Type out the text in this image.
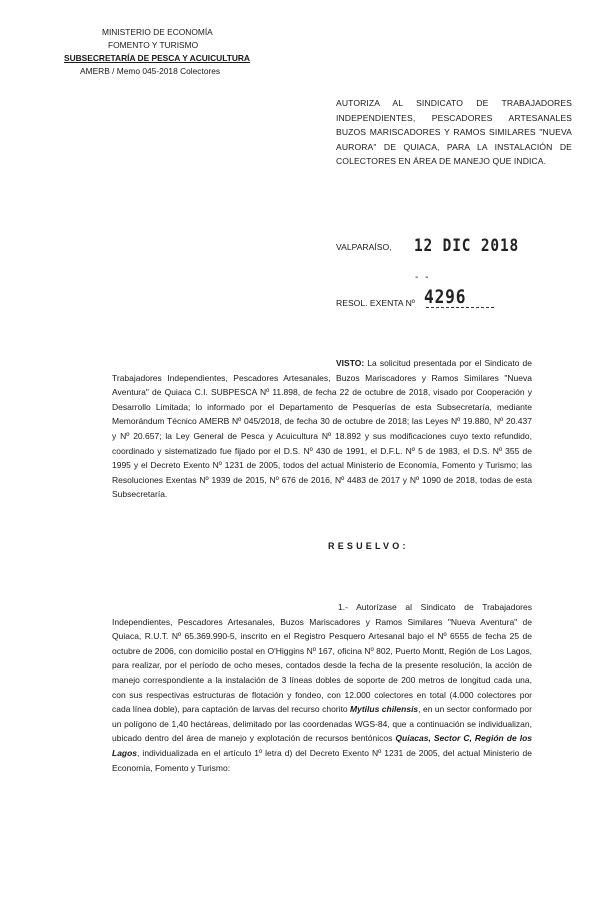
MINISTERIO DE ECONOMÍA
FOMENTO Y TURISMO
SUBSECRETARÍA DE PESCA Y ACUICULTURA
AMERB / Memo 045-2018 Colectores
AUTORIZA AL SINDICATO DE TRABAJADORES INDEPENDIENTES, PESCADORES ARTESANALES BUZOS MARISCADORES Y RAMOS SIMILARES "NUEVA AURORA" DE QUIACA, PARA LA INSTALACIÓN DE COLECTORES EN ÁREA DE MANEJO QUE INDICA.
VALPARAÍSO, 12 DIC 2018
- -
RESOL. EXENTA Nº 4296
VISTO: La solicitud presentada por el Sindicato de Trabajadores Independientes, Pescadores Artesanales, Buzos Mariscadores y Ramos Similares "Nueva Aventura" de Quiaca C.I. SUBPESCA Nº 11.898, de fecha 22 de octubre de 2018, visado por Cooperación y Desarrollo Limitada; lo informado por el Departamento de Pesquerías de esta Subsecretaría, mediante Memorándum Técnico AMERB Nº 045/2018, de fecha 30 de octubre de 2018; las Leyes Nº 19.880, Nº 20.437 y Nº 20.657; la Ley General de Pesca y Acuicultura Nº 18.892 y sus modificaciones cuyo texto refundido, coordinado y sistematizado fue fijado por el D.S. Nº 430 de 1991, el D.F.L. Nº 5 de 1983, el D.S. Nº 355 de 1995 y el Decreto Exento Nº 1231 de 2005, todos del actual Ministerio de Economía, Fomento y Turismo; las Resoluciones Exentas Nº 1939 de 2015, Nº 676 de 2016, Nº 4483 de 2017 y Nº 1090 de 2018, todas de esta Subsecretaría.
RESUELVO:
1.- Autorízase al Sindicato de Trabajadores Independientes, Pescadores Artesanales, Buzos Mariscadores y Ramos Similares "Nueva Aventura" de Quiaca, R.U.T. Nº 65.369.990-5, inscrito en el Registro Pesquero Artesanal bajo el Nº 6555 de fecha 25 de octubre de 2006, con domicilio postal en O'Higgins Nº 167, oficina Nº 802, Puerto Montt, Región de Los Lagos, para realizar, por el período de ocho meses, contados desde la fecha de la presente resolución, la acción de manejo correspondiente a la instalación de 3 líneas dobles de soporte de 200 metros de longitud cada una, con sus respectivas estructuras de flotación y fondeo, con 12.000 colectores en total (4.000 colectores por cada línea doble), para captación de larvas del recurso chorito Mytilus chilensis, en un sector conformado por un polígono de 1,40 hectáreas, delimitado por las coordenadas WGS-84, que a continuación se individualizan, ubicado dentro del área de manejo y explotación de recursos bentónicos Quiacas, Sector C, Región de los Lagos, individualizada en el artículo 1º letra d) del Decreto Exento Nº 1231 de 2005, del actual Ministerio de Economía, Fomento y Turismo:
